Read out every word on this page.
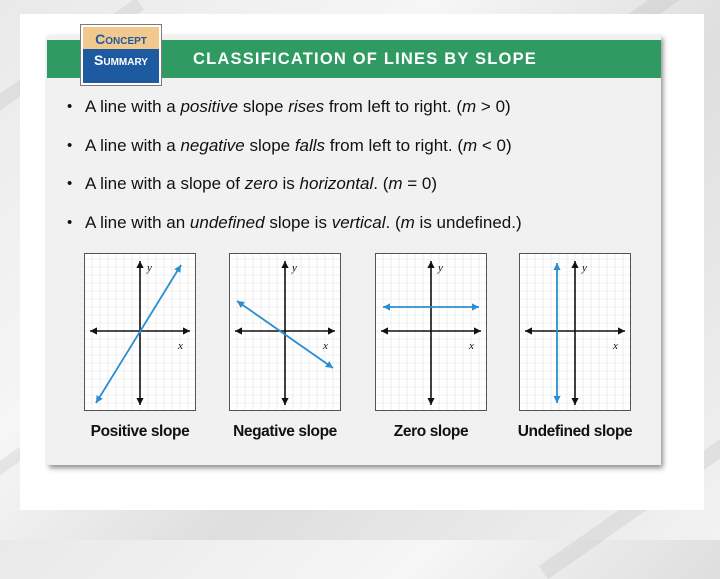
CLASSIFICATION OF LINES BY SLOPE
Concept
Summary
• A line with a positive slope rises from left to right. (m > 0)
• A line with a negative slope falls from left to right. (m < 0)
• A line with a slope of zero is horizontal. (m = 0)
• A line with an undefined slope is vertical. (m is undefined.)
x
y
Positive slope
x
y
Negative slope
x
y
Zero slope
x
y
Undefined slope
